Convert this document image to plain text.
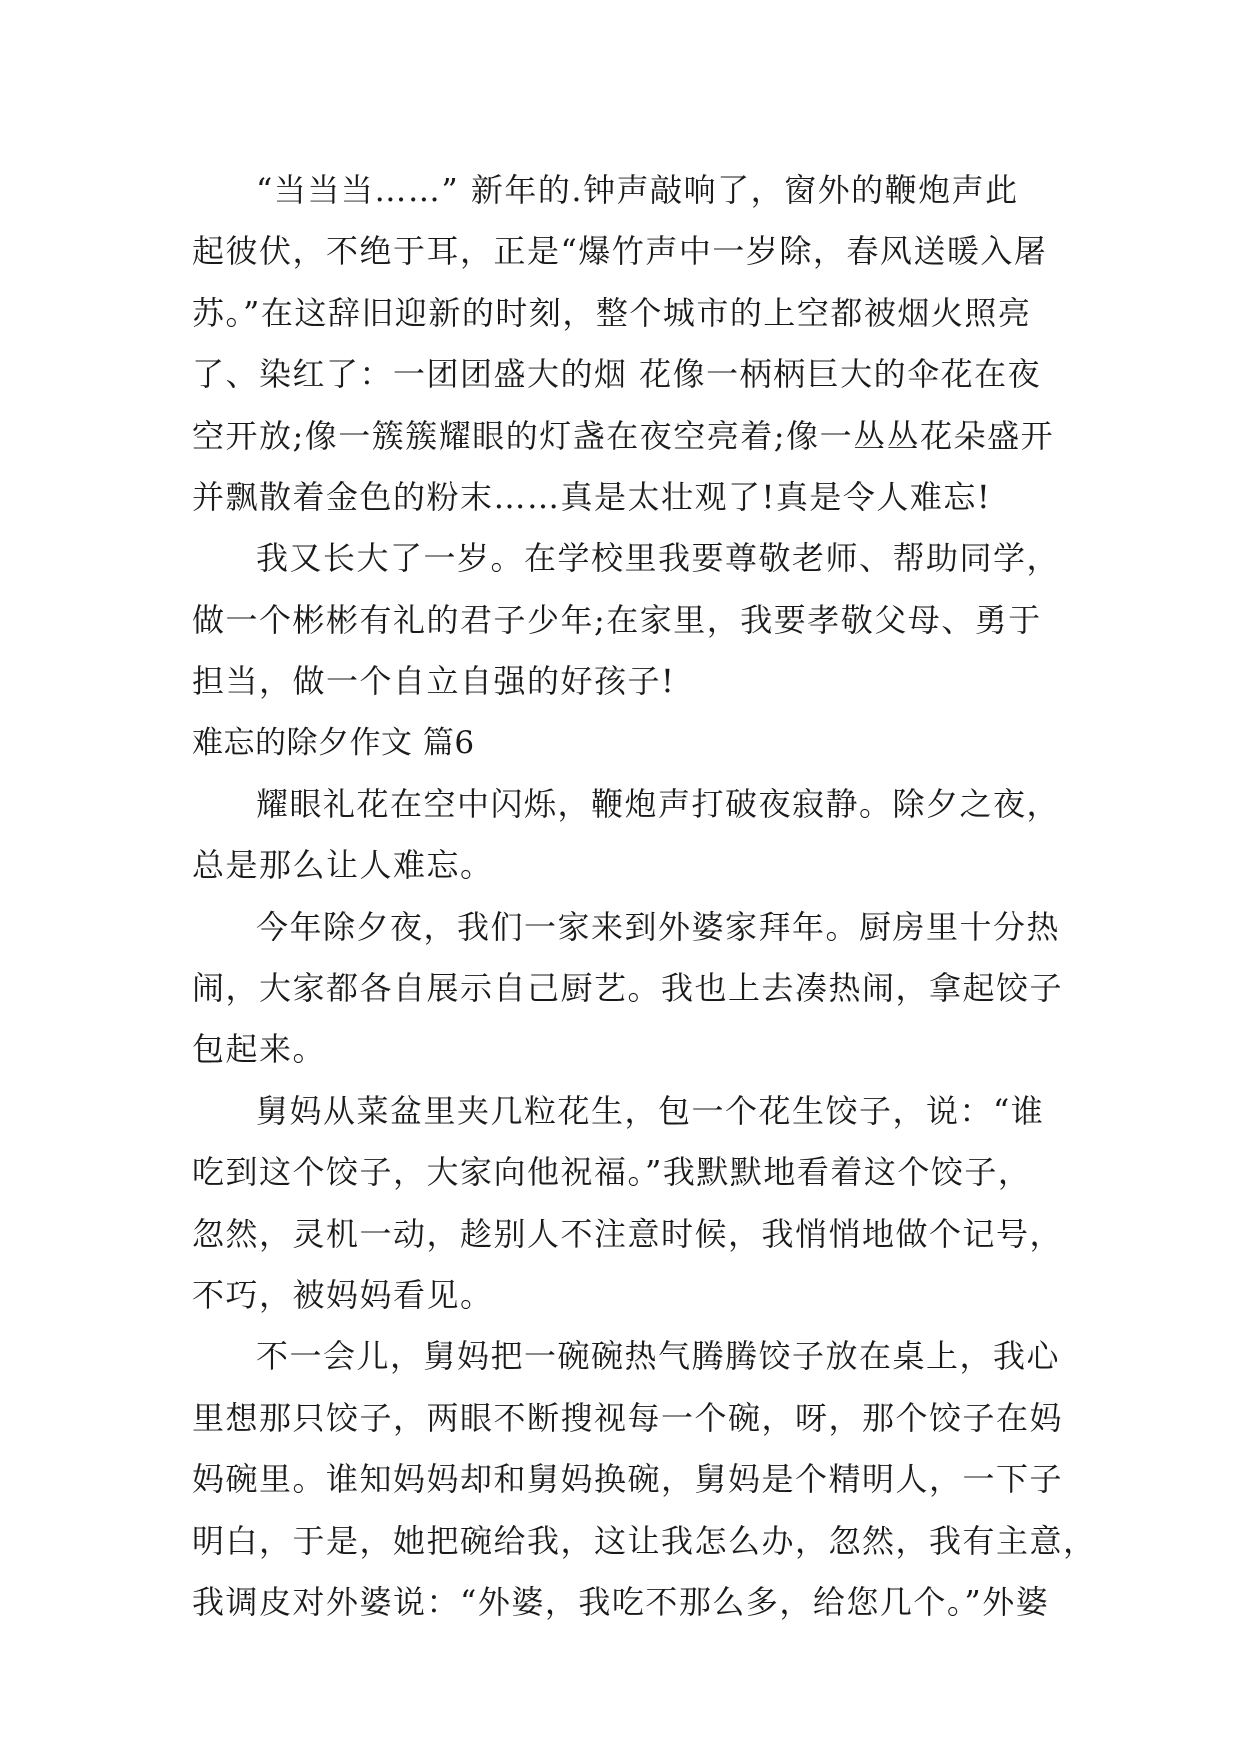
“当当当……” 新年的.钟声敲响了，窗外的鞭炮声此
起彼伏，不绝于耳，正是“爆竹声中一岁除，春风送暖入屠
苏。”在这辞旧迎新的时刻，整个城市的上空都被烟火照亮
了、染红了：一团团盛大的烟 花像一柄柄巨大的伞花在夜
空开放;像一簇簇耀眼的灯盏在夜空亮着;像一丛丛花朵盛开
并飘散着金色的粉末……真是太壮观了!真是令人难忘!
我又长大了一岁。在学校里我要尊敬老师、帮助同学，
做一个彬彬有礼的君子少年;在家里，我要孝敬父母、勇于
担当，做一个自立自强的好孩子!
难忘的除夕作文 篇6
耀眼礼花在空中闪烁，鞭炮声打破夜寂静。除夕之夜，
总是那么让人难忘。
今年除夕夜，我们一家来到外婆家拜年。厨房里十分热
闹，大家都各自展示自己厨艺。我也上去凑热闹，拿起饺子
包起来。
舅妈从菜盆里夹几粒花生，包一个花生饺子，说：“谁
吃到这个饺子，大家向他祝福。”我默默地看着这个饺子，
忽然，灵机一动，趁别人不注意时候，我悄悄地做个记号，
不巧，被妈妈看见。
不一会儿，舅妈把一碗碗热气腾腾饺子放在桌上，我心
里想那只饺子，两眼不断搜视每一个碗，呀，那个饺子在妈
妈碗里。谁知妈妈却和舅妈换碗，舅妈是个精明人，一下子
明白，于是，她把碗给我，这让我怎么办，忽然，我有主意，
我调皮对外婆说：“外婆，我吃不那么多，给您几个。”外婆
